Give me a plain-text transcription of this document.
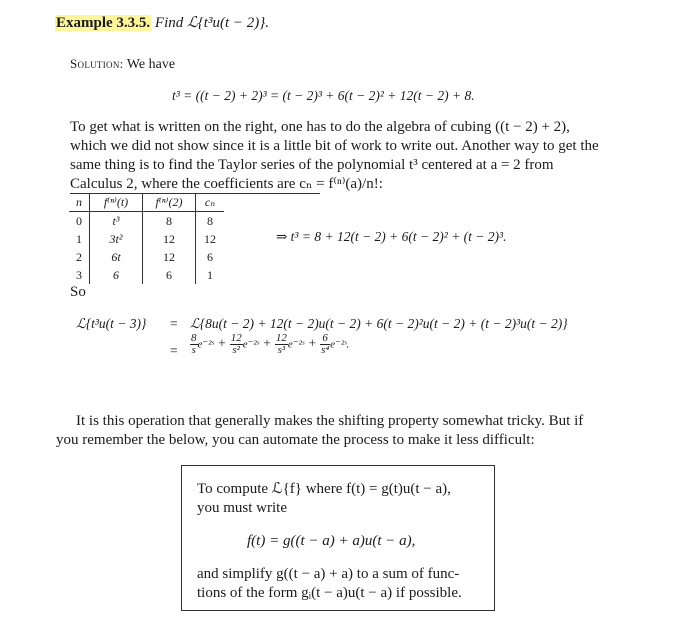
Example 3.3.5. Find ℒ{t³u(t − 2)}.
Solution: We have
t³ = ((t − 2) + 2)³ = (t − 2)³ + 6(t − 2)² + 12(t − 2) + 8.
To get what is written on the right, one has to do the algebra of cubing ((t − 2) + 2),
which we did not show since it is a little bit of work to write out. Another way to get the
same thing is to find the Taylor series of the polynomial t³ centered at a = 2 from
Calculus 2, where the coefficients are cₙ = f⁽ⁿ⁾(a)/n!:
n	f⁽ⁿ⁾(t)	f⁽ⁿ⁾(2)	cₙ
0	t³	8	8
1	3t²	12	12
2	6t	12	6
3	6	6	1
⇒ t³ = 8 + 12(t − 2) + 6(t − 2)² + (t − 2)³.
So
ℒ{t³u(t − 3)} = ℒ{8u(t − 2) + 12(t − 2)u(t − 2) + 6(t − 2)²u(t − 2) + (t − 2)³u(t − 2)}
= $\frac{8}{s}$ e⁻²ˢ + $\frac{12}{\text{s²}}$ e⁻²ˢ + $\frac{12}{\text{s³}}$ e⁻²ˢ + $\frac{6}{\text{s⁴}}$ e⁻²ˢ.
It is this operation that generally makes the shifting property somewhat tricky. But if
you remember the below, you can automate the process to make it less difficult:
To compute ℒ{f} where f(t) = g(t)u(t − a),
you must write
f(t) = g((t − a) + a)u(t − a),
and simplify g((t − a) + a) to a sum of func-
tions of the form gᵢ(t − a)u(t − a) if possible.
